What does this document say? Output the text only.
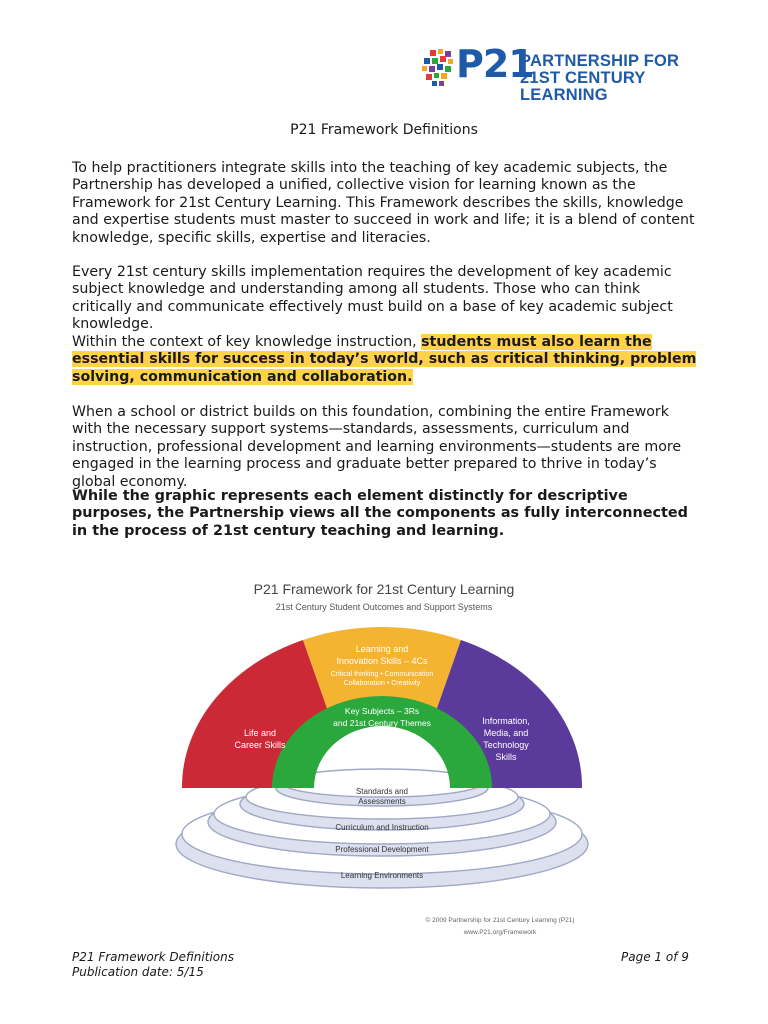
P21
PARTNERSHIP FOR
21ST CENTURY LEARNING
P21 Framework Definitions

To help practitioners integrate skills into the teaching of key academic subjects, the Partnership has developed a unified, collective vision for learning known as the Framework for 21st Century Learning. This Framework describes the skills, knowledge and expertise students must master to succeed in work and life; it is a blend of content knowledge, specific skills, expertise and literacies.

Every 21st century skills implementation requires the development of key academic subject knowledge and understanding among all students. Those who can think critically and communicate effectively must build on a base of key academic subject knowledge.

Within the context of key knowledge instruction, students must also learn the essential skills for success in today’s world, such as critical thinking, problem solving, communication and collaboration.

When a school or district builds on this foundation, combining the entire Framework with the necessary support systems—standards, assessments, curriculum and instruction, professional development and learning environments—students are more engaged in the learning process and graduate better prepared to thrive in today’s global economy.

While the graphic represents each element distinctly for descriptive purposes, the Partnership views all the components as fully interconnected in the process of 21st century teaching and learning.

P21 Framework for 21st Century Learning
21st Century Student Outcomes and Support Systems
Life and
Career Skills
Learning and
Innovation Skills – 4Cs
Critical thinking • Communication
Collaboration • Creativity
Information,
Media, and
Technology
Skills
Key Subjects – 3Rs
and 21st Century Themes
Standards and
Assessments
Curriculum and Instruction
Professional Development
Learning Environments
© 2009 Partnership for 21st Century Learning (P21)
www.P21.org/Framework
P21 Framework Definitions
Publication date: 5/15
Page 1 of 9
